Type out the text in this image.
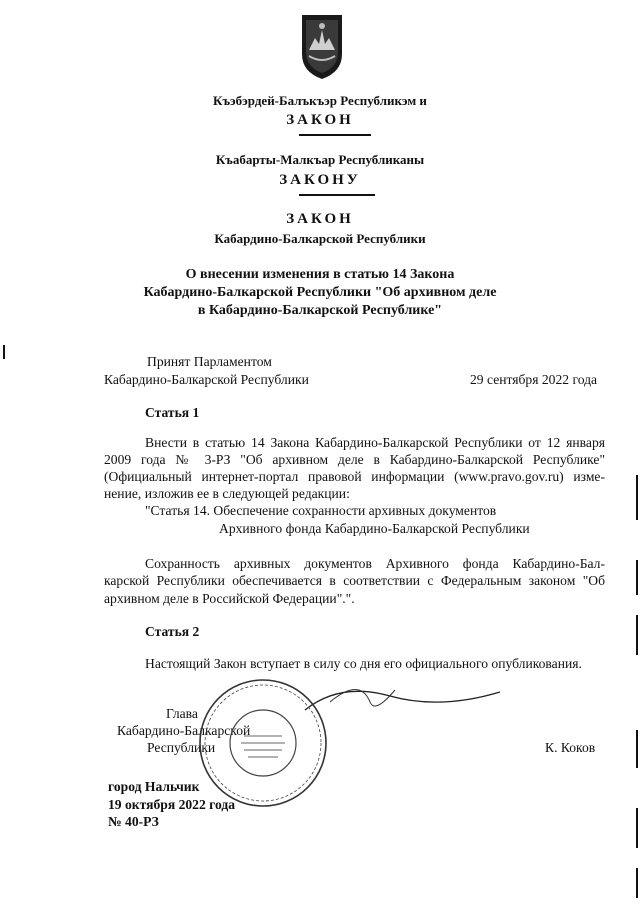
Къэбэрдей-Балъкъэр Республикэм и
ЗАКОН
Къабарты-Малкъар Республиканы
ЗАКОНУ
ЗАКОН
Кабардино-Балкарской Республики
О внесении изменения в статью 14 Закона
Кабардино-Балкарской Республики "Об архивном деле
в Кабардино-Балкарской Республике"
Принят Парламентом
Кабардино-Балкарской Республики	29 сентября 2022 года
Статья 1
Внести в статью 14 Закона Кабардино-Балкарской Республики от 12 января
2009 года № 3-РЗ "Об архивном деле в Кабардино-Балкарской Республике"
(Официальный интернет-портал правовой информации (www.pravo.gov.ru) изме-
нение, изложив ее в следующей редакции:
"Статья 14. Обеспечение сохранности архивных документов
Архивного фонда Кабардино-Балкарской Республики
Сохранность архивных документов Архивного фонда Кабардино-Бал-
карской Республики обеспечивается в соответствии с Федеральным законом "Об
архивном деле в Российской Федерации".".
Статья 2
Настоящий Закон вступает в силу со дня его официального опубликования.
Глава
Кабардино-Балкарской
Республики	К. Коков
город Нальчик
19 октября 2022 года
№ 40-РЗ
